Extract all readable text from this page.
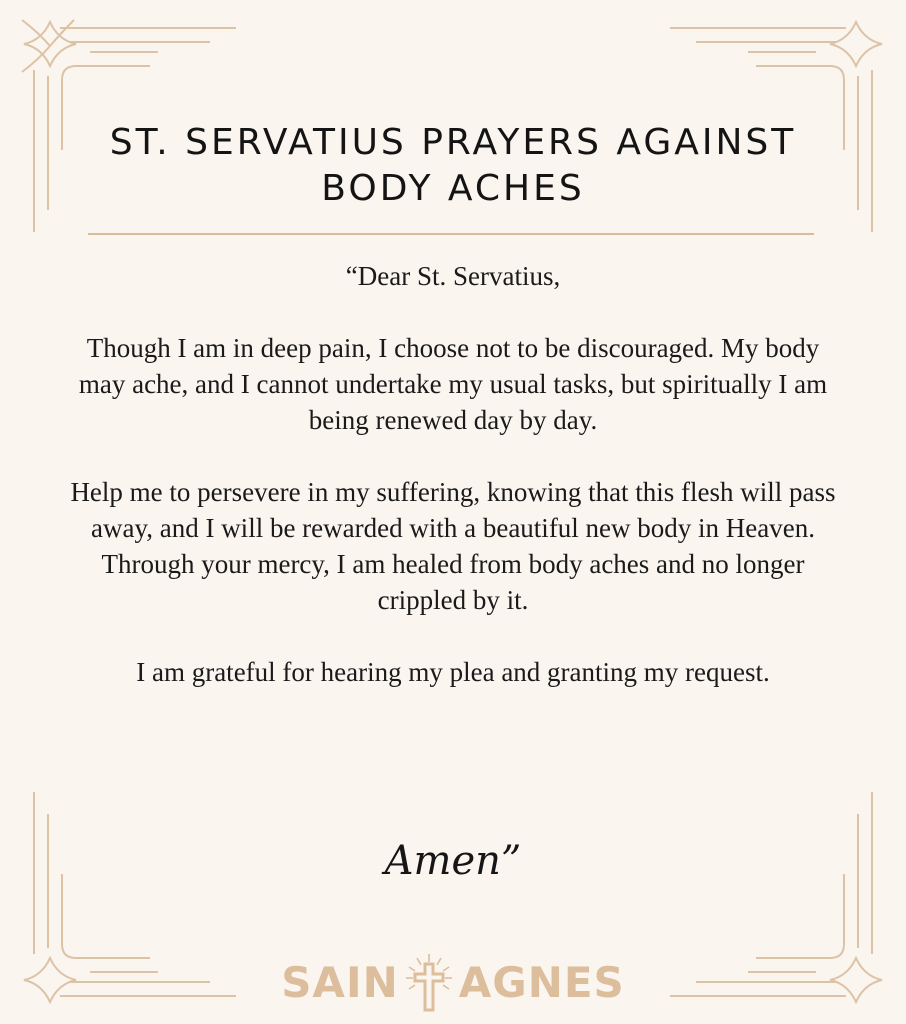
ST. SERVATIUS PRAYERS AGAINST BODY ACHES

“Dear St. Servatius,

Though I am in deep pain, I choose not to be discouraged. My body may ache, and I cannot undertake my usual tasks, but spiritually I am being renewed day by day.

Help me to persevere in my suffering, knowing that this flesh will pass away, and I will be rewarded with a beautiful new body in Heaven. Through your mercy, I am healed from body aches and no longer crippled by it.

I am grateful for hearing my plea and granting my request.

Amen”
SAIN AGNES
